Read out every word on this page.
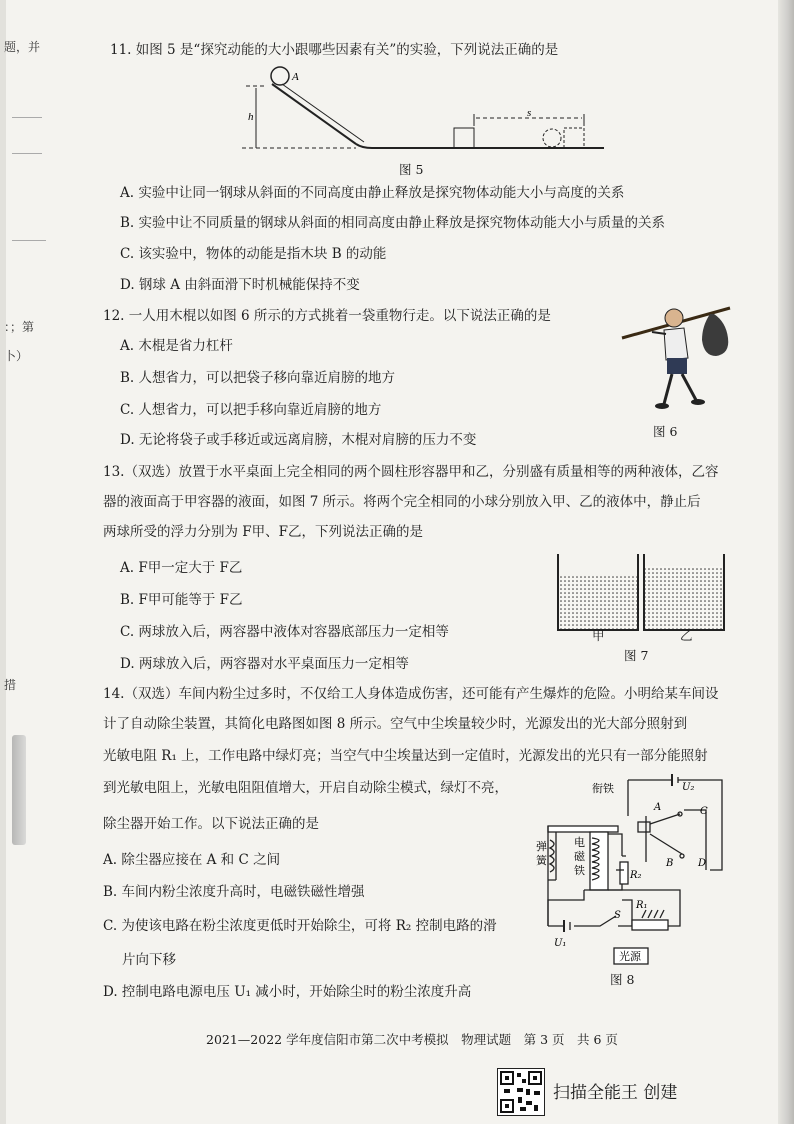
题，并
：；第
卜）
措
11. 如图 5 是“探究动能的大小跟哪些因素有关”的实验，下列说法正确的是
A
h	s
图 5
A. 实验中让同一钢球从斜面的不同高度由静止释放是探究物体动能大小与高度的关系
B. 实验中让不同质量的钢球从斜面的相同高度由静止释放是探究物体动能大小与质量的关系
C. 该实验中，物体的动能是指木块 B 的动能
D. 钢球 A 由斜面滑下时机械能保持不变
12. 一人用木棍以如图 6 所示的方式挑着一袋重物行走。以下说法正确的是
A. 木棍是省力杠杆
B. 人想省力，可以把袋子移向靠近肩膀的地方
C. 人想省力，可以把手移向靠近肩膀的地方
D. 无论将袋子或手移近或远离肩膀，木棍对肩膀的压力不变
图 6
13.（双选）放置于水平桌面上完全相同的两个圆柱形容器甲和乙，分别盛有质量相等的两种液体，乙容
器的液面高于甲容器的液面，如图 7 所示。将两个完全相同的小球分别放入甲、乙的液体中，静止后
两球所受的浮力分别为 F甲、F乙，下列说法正确的是
A. F甲一定大于 F乙
B. F甲可能等于 F乙
C. 两球放入后，两容器中液体对容器底部压力一定相等
D. 两球放入后，两容器对水平桌面压力一定相等
甲	乙
图 7
14.（双选）车间内粉尘过多时，不仅给工人身体造成伤害，还可能有产生爆炸的危险。小明给某车间设
计了自动除尘装置，其简化电路图如图 8 所示。空气中尘埃量较少时，光源发出的光大部分照射到
光敏电阻 R₁ 上，工作电路中绿灯亮；当空气中尘埃量达到一定值时，光源发出的光只有一部分能照射
到光敏电阻上，光敏电阻阻值增大，开启自动除尘模式，绿灯不亮，
除尘器开始工作。以下说法正确的是
A. 除尘器应接在 A 和 C 之间
B. 车间内粉尘浓度升高时，电磁铁磁性增强
C. 为使该电路在粉尘浓度更低时开始除尘，可将 R₂ 控制电路的滑
片向下移
D. 控制电路电源电压 U₁ 减小时，开始除尘时的粉尘浓度升高
衔铁
A	C
B D
U₂
弹
簧
电
磁
铁	R₂
S
R₁
U₁
光源
图 8
2021—2022 学年度信阳市第二次中考模拟　物理试题　第 3 页　共 6 页
扫描全能王 创建
